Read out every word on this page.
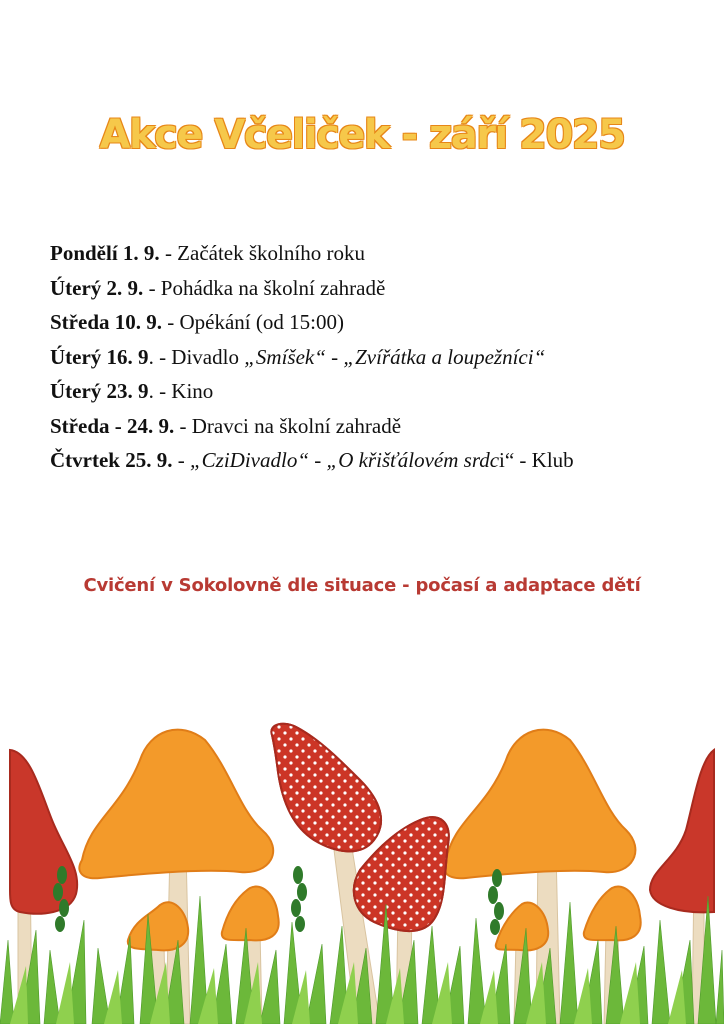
Akce Včeliček - září 2025
Pondělí 1. 9. - Začátek školního roku
Úterý 2. 9. - Pohádka na školní zahradě
Středa 10. 9. - Opékání (od 15:00)
Úterý 16. 9. - Divadlo „Smíšek“ - „Zvířátka a loupežníci“
Úterý 23. 9. - Kino
Středa - 24. 9. - Dravci na školní zahradě
Čtvrtek 25. 9. - „CziDivadlo“ - „O křišťálovém srdci“ - Klub
Cvičení v Sokolovně dle situace - počasí a adaptace dětí
